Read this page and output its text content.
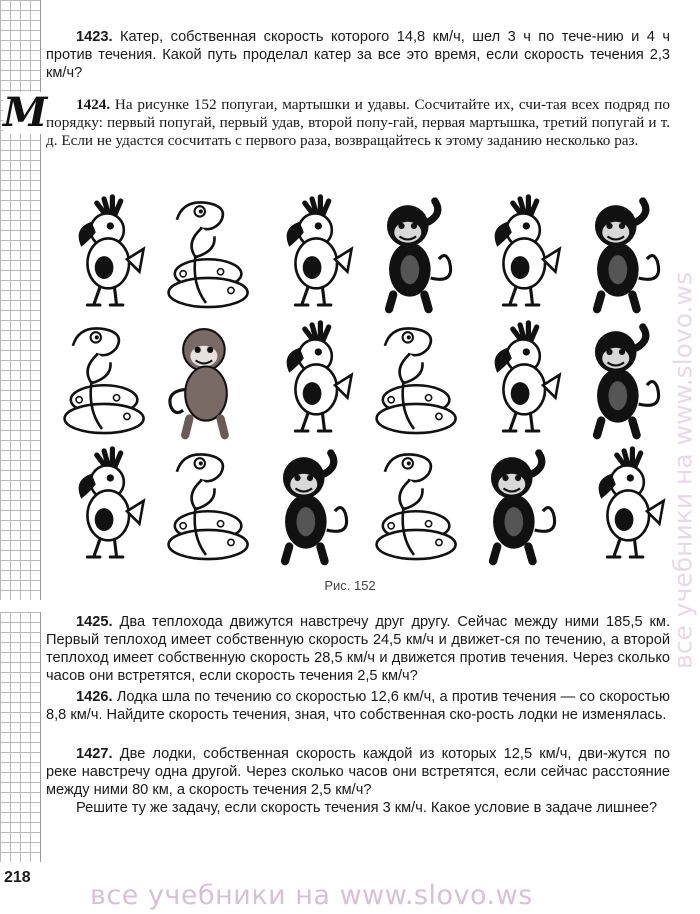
М
1423. Катер, собственная скорость которого 14,8 км/ч, шел 3 ч по тече-нию и 4 ч против течения. Какой путь проделал катер за все это время, если скорость течения 2,3 км/ч?
1424. На рисунке 152 попугаи, мартышки и удавы. Сосчитайте их, счи-тая всех подряд по порядку: первый попугай, первый удав, второй попу-гай, первая мартышка, третий попугай и т. д. Если не удастся сосчитать с первого раза, возвращайтесь к этому заданию несколько раз.
Рис. 152
1425. Два теплохода движутся навстречу друг другу. Сейчас между ними 185,5 км. Первый теплоход имеет собственную скорость 24,5 км/ч и движет-ся по течению, а второй теплоход имеет собственную скорость 28,5 км/ч и движется против течения. Через сколько часов они встретятся, если скорость течения 2,5 км/ч?
1426. Лодка шла по течению со скоростью 12,6 км/ч, а против течения — со скоростью 8,8 км/ч. Найдите скорость течения, зная, что собственная ско-рость лодки не изменялась.
1427. Две лодки, собственная скорость каждой из которых 12,5 км/ч, дви-жутся по реке навстречу одна другой. Через сколько часов они встретятся, если сейчас расстояние между ними 80 км, а скорость течения 2,5 км/ч?
Решите ту же задачу, если скорость течения 3 км/ч. Какое условие в задаче лишнее?
218
все учебники на www.slovo.ws
все учебники на www.slovo.ws
